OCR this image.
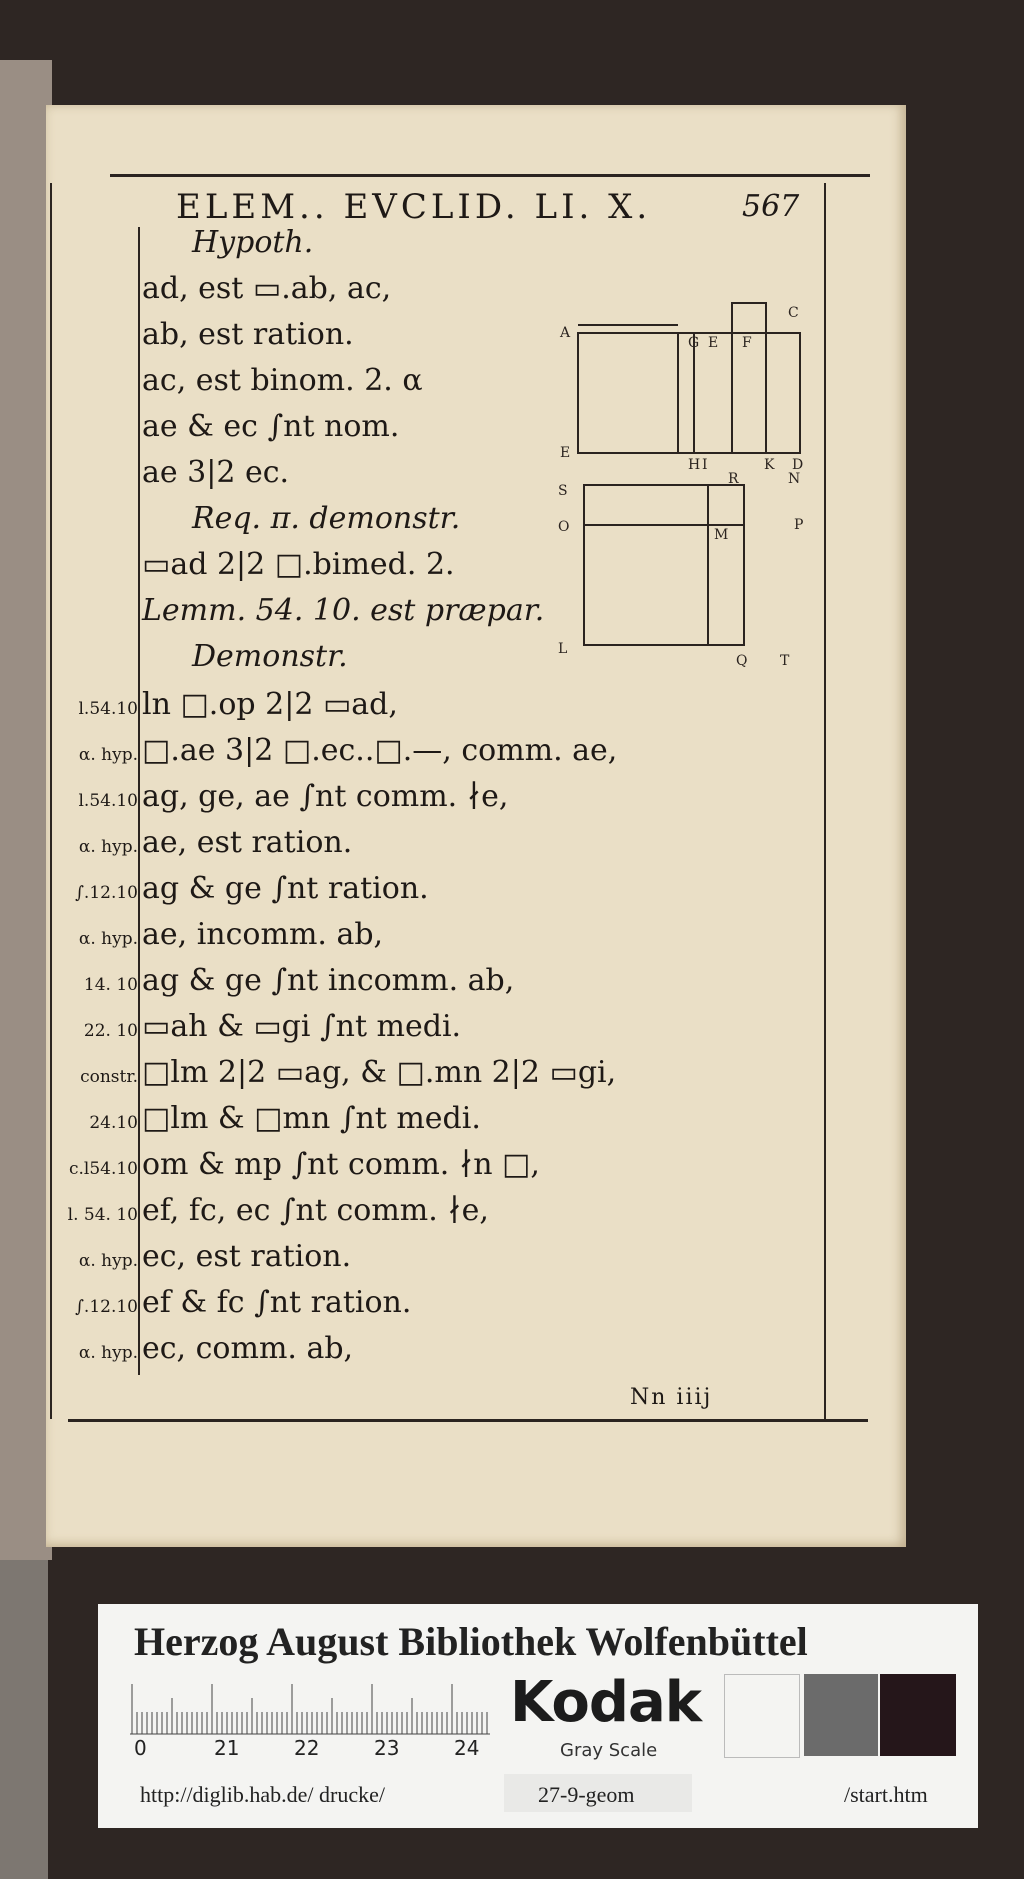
ELEM.. EVCLID. LI. X.	567
Hypoth.
ad, est ▭.ab, ac,
ab, est ration.
ac, est binom. 2. α
ae & ec ∫nt nom.
ae 3|2 ec.
Req. π. demonstr.
▭ad 2|2 □.bimed. 2.
Lemm. 54. 10. est præpar.
Demonstr.
l.54.10 ln □.op 2|2 ▭ad,
α. hyp. □.ae 3|2 □.ec..□.—, comm. ae,
l.54.10 ag, ge, ae ∫nt comm. ∤e,
α. hyp. ae, est ration.
∫.12.10 ag & ge ∫nt ration.
α. hyp. ae, incomm. ab,
14. 10 ag & ge ∫nt incomm. ab,
22. 10 ▭ah & ▭gi ∫nt medi.
constr. □lm 2|2 ▭ag, & □.mn 2|2 ▭gi,
24.10 □lm & □mn ∫nt medi.
c.l54.10 om & mp ∫nt comm. ∤n □,
l. 54. 10 ef, fc, ec ∫nt comm. ∤e,
α. hyp. ec, est ration.
∫.12.10 ef & fc ∫nt ration.
α. hyp. ec, comm. ab,
Nn iiij
A
G E F
C
E
H I	K D
S
R	N
O	M
P
L
Q T
Herzog August Bibliothek Wolfenbüttel
0	21	22	23	24
Kodak
Gray Scale
http://diglib.hab.de/ drucke/	27-9-geom	/start.htm
